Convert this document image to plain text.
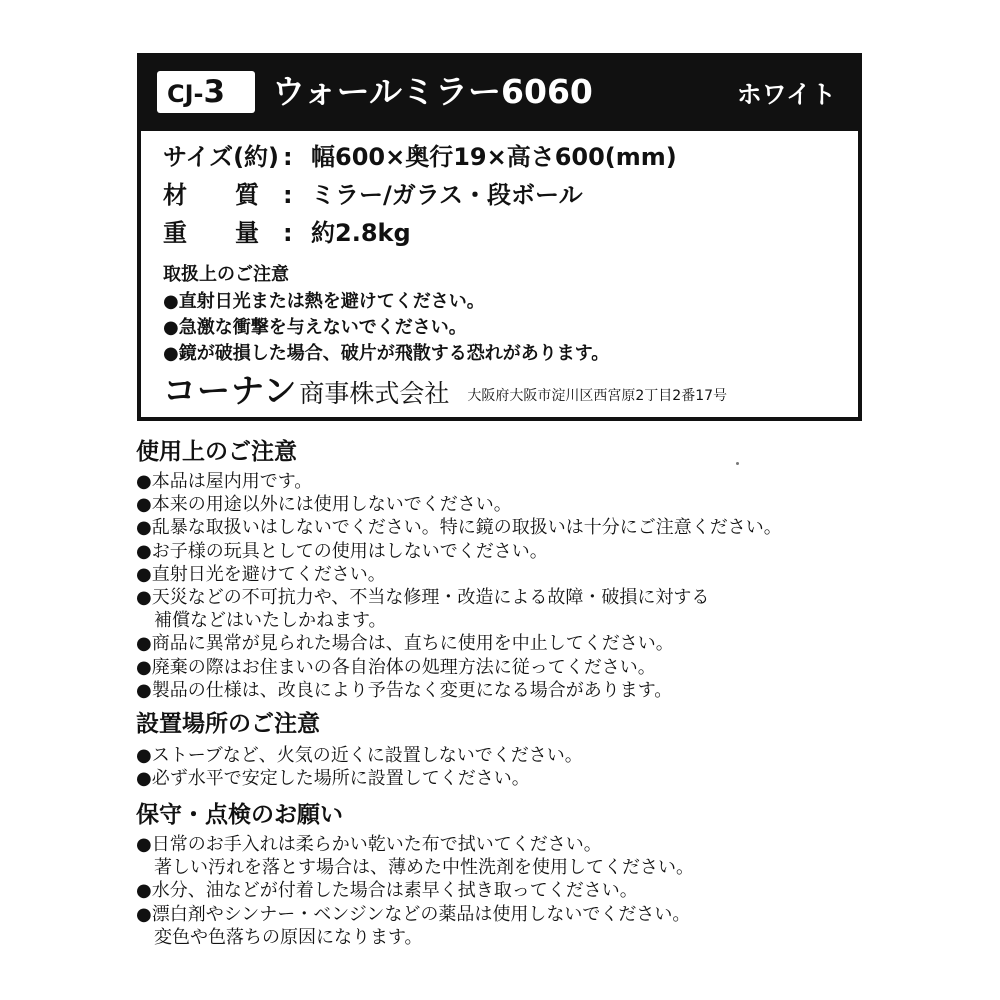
CJ-3	ウォールミラー6060	ホワイト
サイズ(約) : 幅600×奥行19×高さ600(mm)
材　　質 : ミラー/ガラス・段ボール
重　　量 : 約2.8kg
取扱上のご注意
●直射日光または熱を避けてください。
●急激な衝撃を与えないでください。
●鏡が破損した場合、破片が飛散する恐れがあります。
コーナン商事株式会社 大阪府大阪市淀川区西宮原2丁目2番17号
使用上のご注意
●本品は屋内用です。
●本来の用途以外には使用しないでください。
●乱暴な取扱いはしないでください。特に鏡の取扱いは十分にご注意ください。
●お子様の玩具としての使用はしないでください。
●直射日光を避けてください。
●天災などの不可抗力や、不当な修理・改造による故障・破損に対する
補償などはいたしかねます。
●商品に異常が見られた場合は、直ちに使用を中止してください。
●廃棄の際はお住まいの各自治体の処理方法に従ってください。
●製品の仕様は、改良により予告なく変更になる場合があります。
設置場所のご注意
●ストーブなど、火気の近くに設置しないでください。
●必ず水平で安定した場所に設置してください。
保守・点検のお願い
●日常のお手入れは柔らかい乾いた布で拭いてください。
著しい汚れを落とす場合は、薄めた中性洗剤を使用してください。
●水分、油などが付着した場合は素早く拭き取ってください。
●漂白剤やシンナー・ベンジンなどの薬品は使用しないでください。
変色や色落ちの原因になります。
